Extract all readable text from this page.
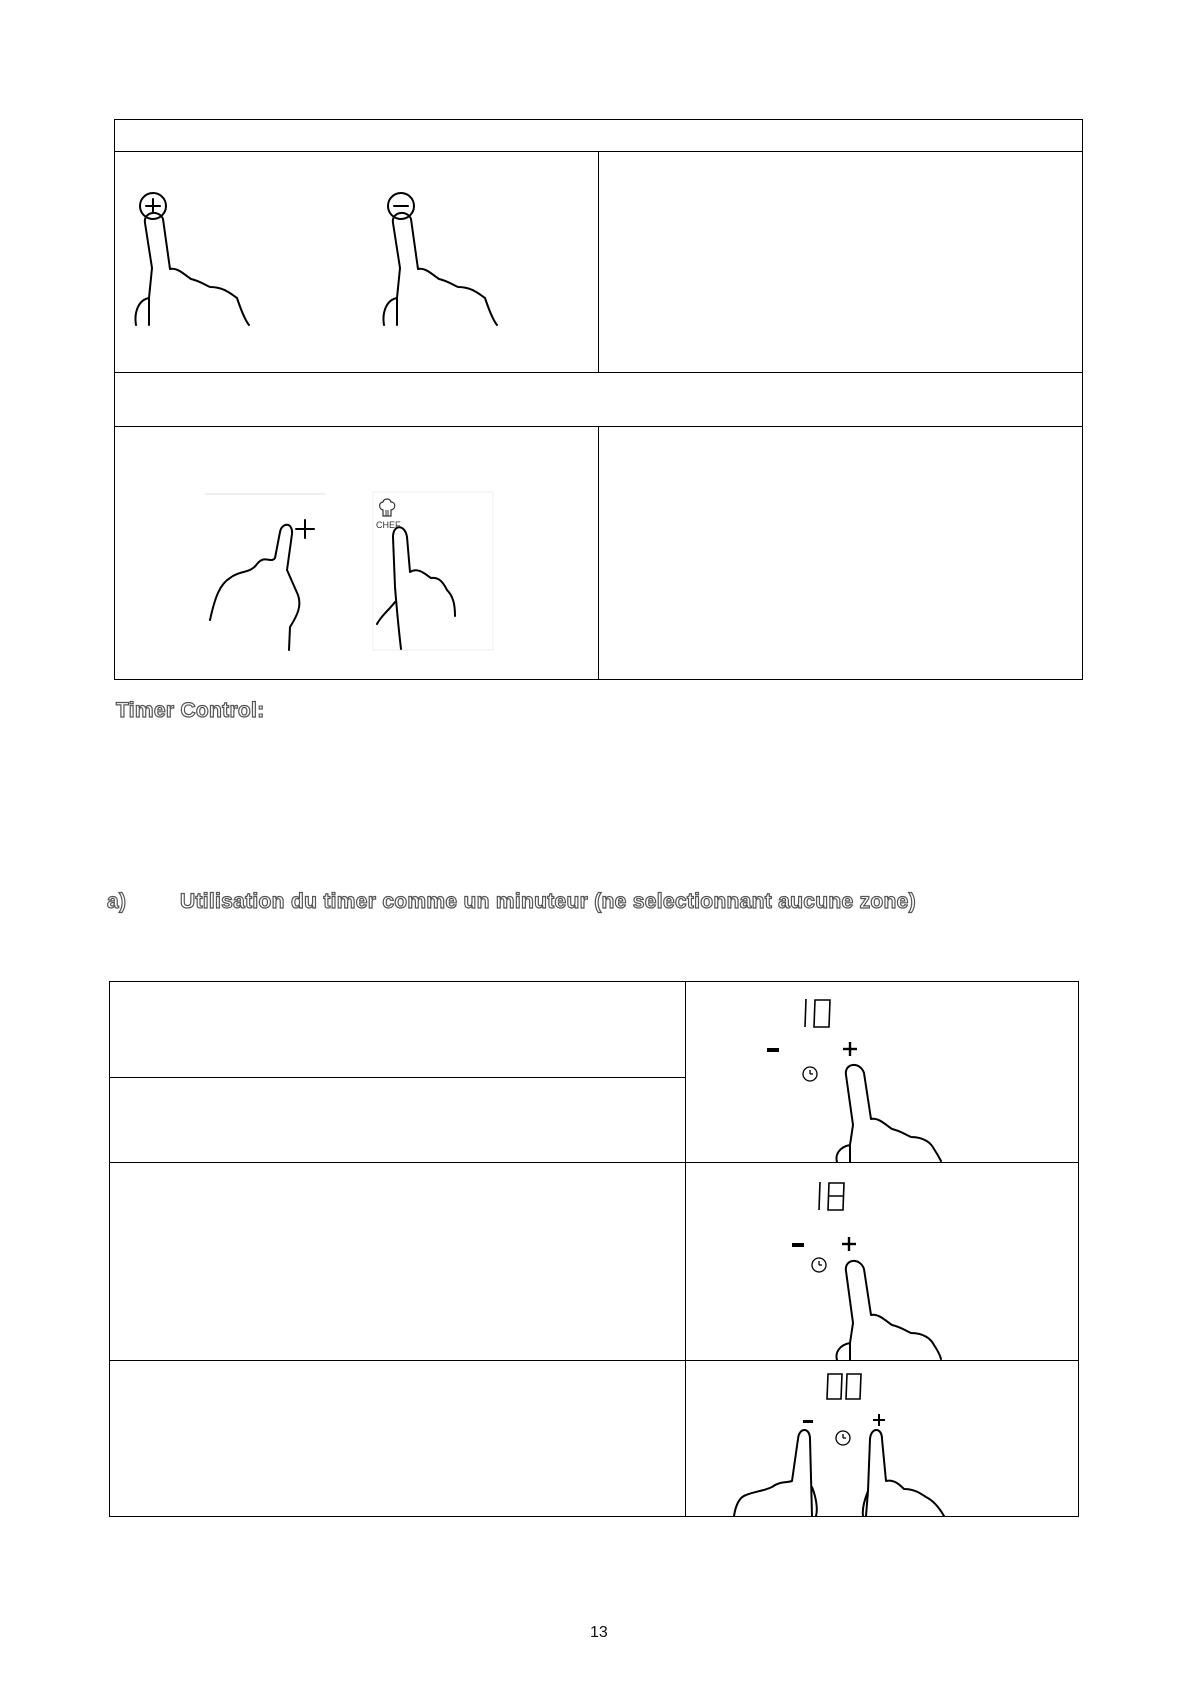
CHEF
Timer Control:
a)	Utilisation du timer comme un minuteur (ne selectionnant aucune zone)
13
